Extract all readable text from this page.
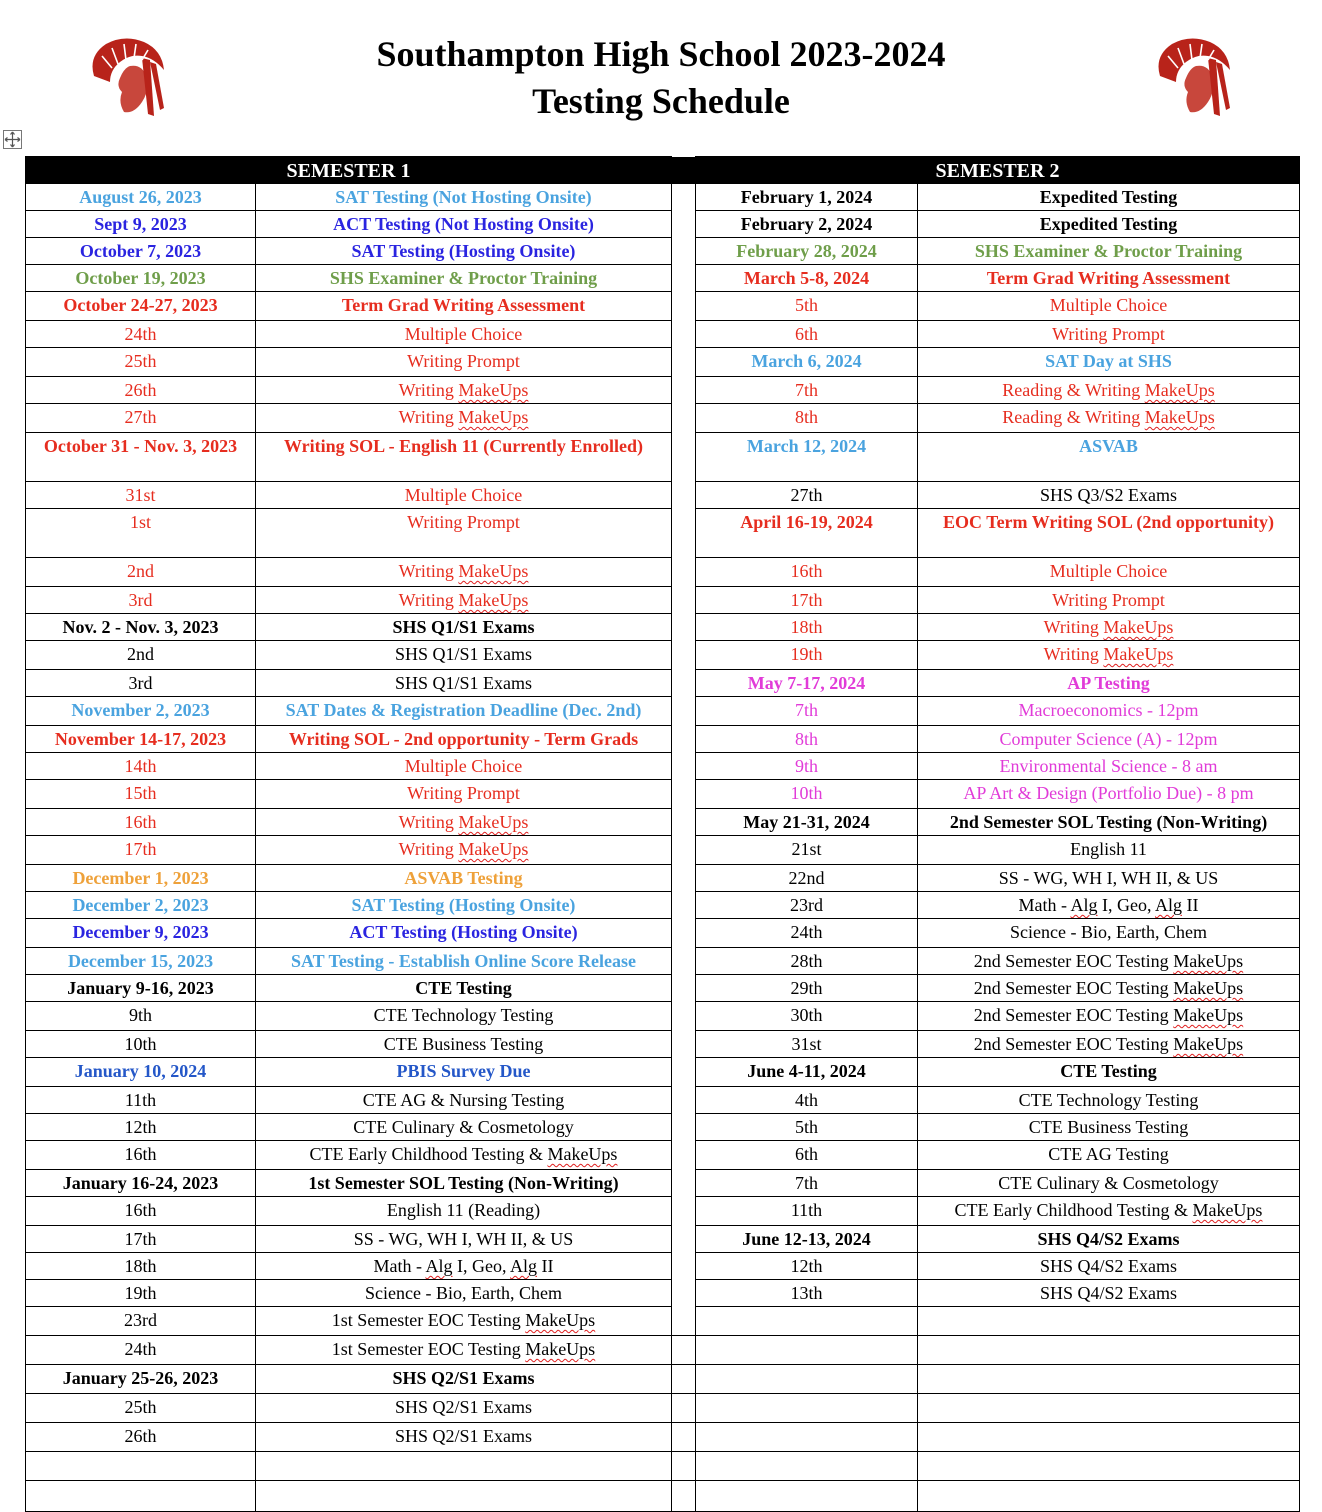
Southampton High School 2023-2024
Testing Schedule
SEMESTER 1			SEMESTER 2	
August 26, 2023	SAT Testing (Not Hosting Onsite)		February 1, 2024	Expedited Testing
Sept 9, 2023	ACT Testing (Not Hosting Onsite)		February 2, 2024	Expedited Testing
October 7, 2023	SAT Testing (Hosting Onsite)		February 28, 2024	SHS Examiner & Proctor Training
October 19, 2023	SHS Examiner & Proctor Training		March 5-8, 2024	Term Grad Writing Assessment
October 24-27, 2023	Term Grad Writing Assessment		5th	Multiple Choice
24th	Multiple Choice		6th	Writing Prompt
25th	Writing Prompt		March 6, 2024	SAT Day at SHS
26th	Writing MakeUps		7th	Reading & Writing MakeUps
27th	Writing MakeUps		8th	Reading & Writing MakeUps
October 31 - Nov. 3, 2023	Writing SOL - English 11 (Currently Enrolled)		March 12, 2024	ASVAB
31st	Multiple Choice		27th	SHS Q3/S2 Exams
1st	Writing Prompt		April 16-19, 2024	EOC Term Writing SOL (2nd opportunity)
2nd	Writing MakeUps		16th	Multiple Choice
3rd	Writing MakeUps		17th	Writing Prompt
Nov. 2 - Nov. 3, 2023	SHS Q1/S1 Exams		18th	Writing MakeUps
2nd	SHS Q1/S1 Exams		19th	Writing MakeUps
3rd	SHS Q1/S1 Exams		May 7-17, 2024	AP Testing
November 2, 2023	SAT Dates & Registration Deadline (Dec. 2nd)		7th	Macroeconomics - 12pm
November 14-17, 2023	Writing SOL - 2nd opportunity - Term Grads		8th	Computer Science (A) - 12pm
14th	Multiple Choice		9th	Environmental Science - 8 am
15th	Writing Prompt		10th	AP Art & Design (Portfolio Due) - 8 pm
16th	Writing MakeUps		May 21-31, 2024	2nd Semester SOL Testing (Non-Writing)
17th	Writing MakeUps		21st	English 11
December 1, 2023	ASVAB Testing		22nd	SS - WG, WH I, WH II, & US
December 2, 2023	SAT Testing (Hosting Onsite)		23rd	Math - Alg I, Geo, Alg II
December 9, 2023	ACT Testing (Hosting Onsite)		24th	Science - Bio, Earth, Chem
December 15, 2023	SAT Testing - Establish Online Score Release		28th	2nd Semester EOC Testing MakeUps
January 9-16, 2023	CTE Testing		29th	2nd Semester EOC Testing MakeUps
9th	CTE Technology Testing		30th	2nd Semester EOC Testing MakeUps
10th	CTE Business Testing		31st	2nd Semester EOC Testing MakeUps
January 10, 2024	PBIS Survey Due		June 4-11, 2024	CTE Testing
11th	CTE AG & Nursing Testing		4th	CTE Technology Testing
12th	CTE Culinary & Cosmetology		5th	CTE Business Testing
16th	CTE Early Childhood Testing & MakeUps		6th	CTE AG Testing
January 16-24, 2023	1st Semester SOL Testing (Non-Writing)		7th	CTE Culinary & Cosmetology
16th	English 11 (Reading)		11th	CTE Early Childhood Testing & MakeUps
17th	SS - WG, WH I, WH II, & US		June 12-13, 2024	SHS Q4/S2 Exams
18th	Math - Alg I, Geo, Alg II		12th	SHS Q4/S2 Exams
19th	Science - Bio, Earth, Chem		13th	SHS Q4/S2 Exams
23rd	1st Semester EOC Testing MakeUps			
24th	1st Semester EOC Testing MakeUps			
January 25-26, 2023	SHS Q2/S1 Exams			
25th	SHS Q2/S1 Exams			
26th	SHS Q2/S1 Exams			
